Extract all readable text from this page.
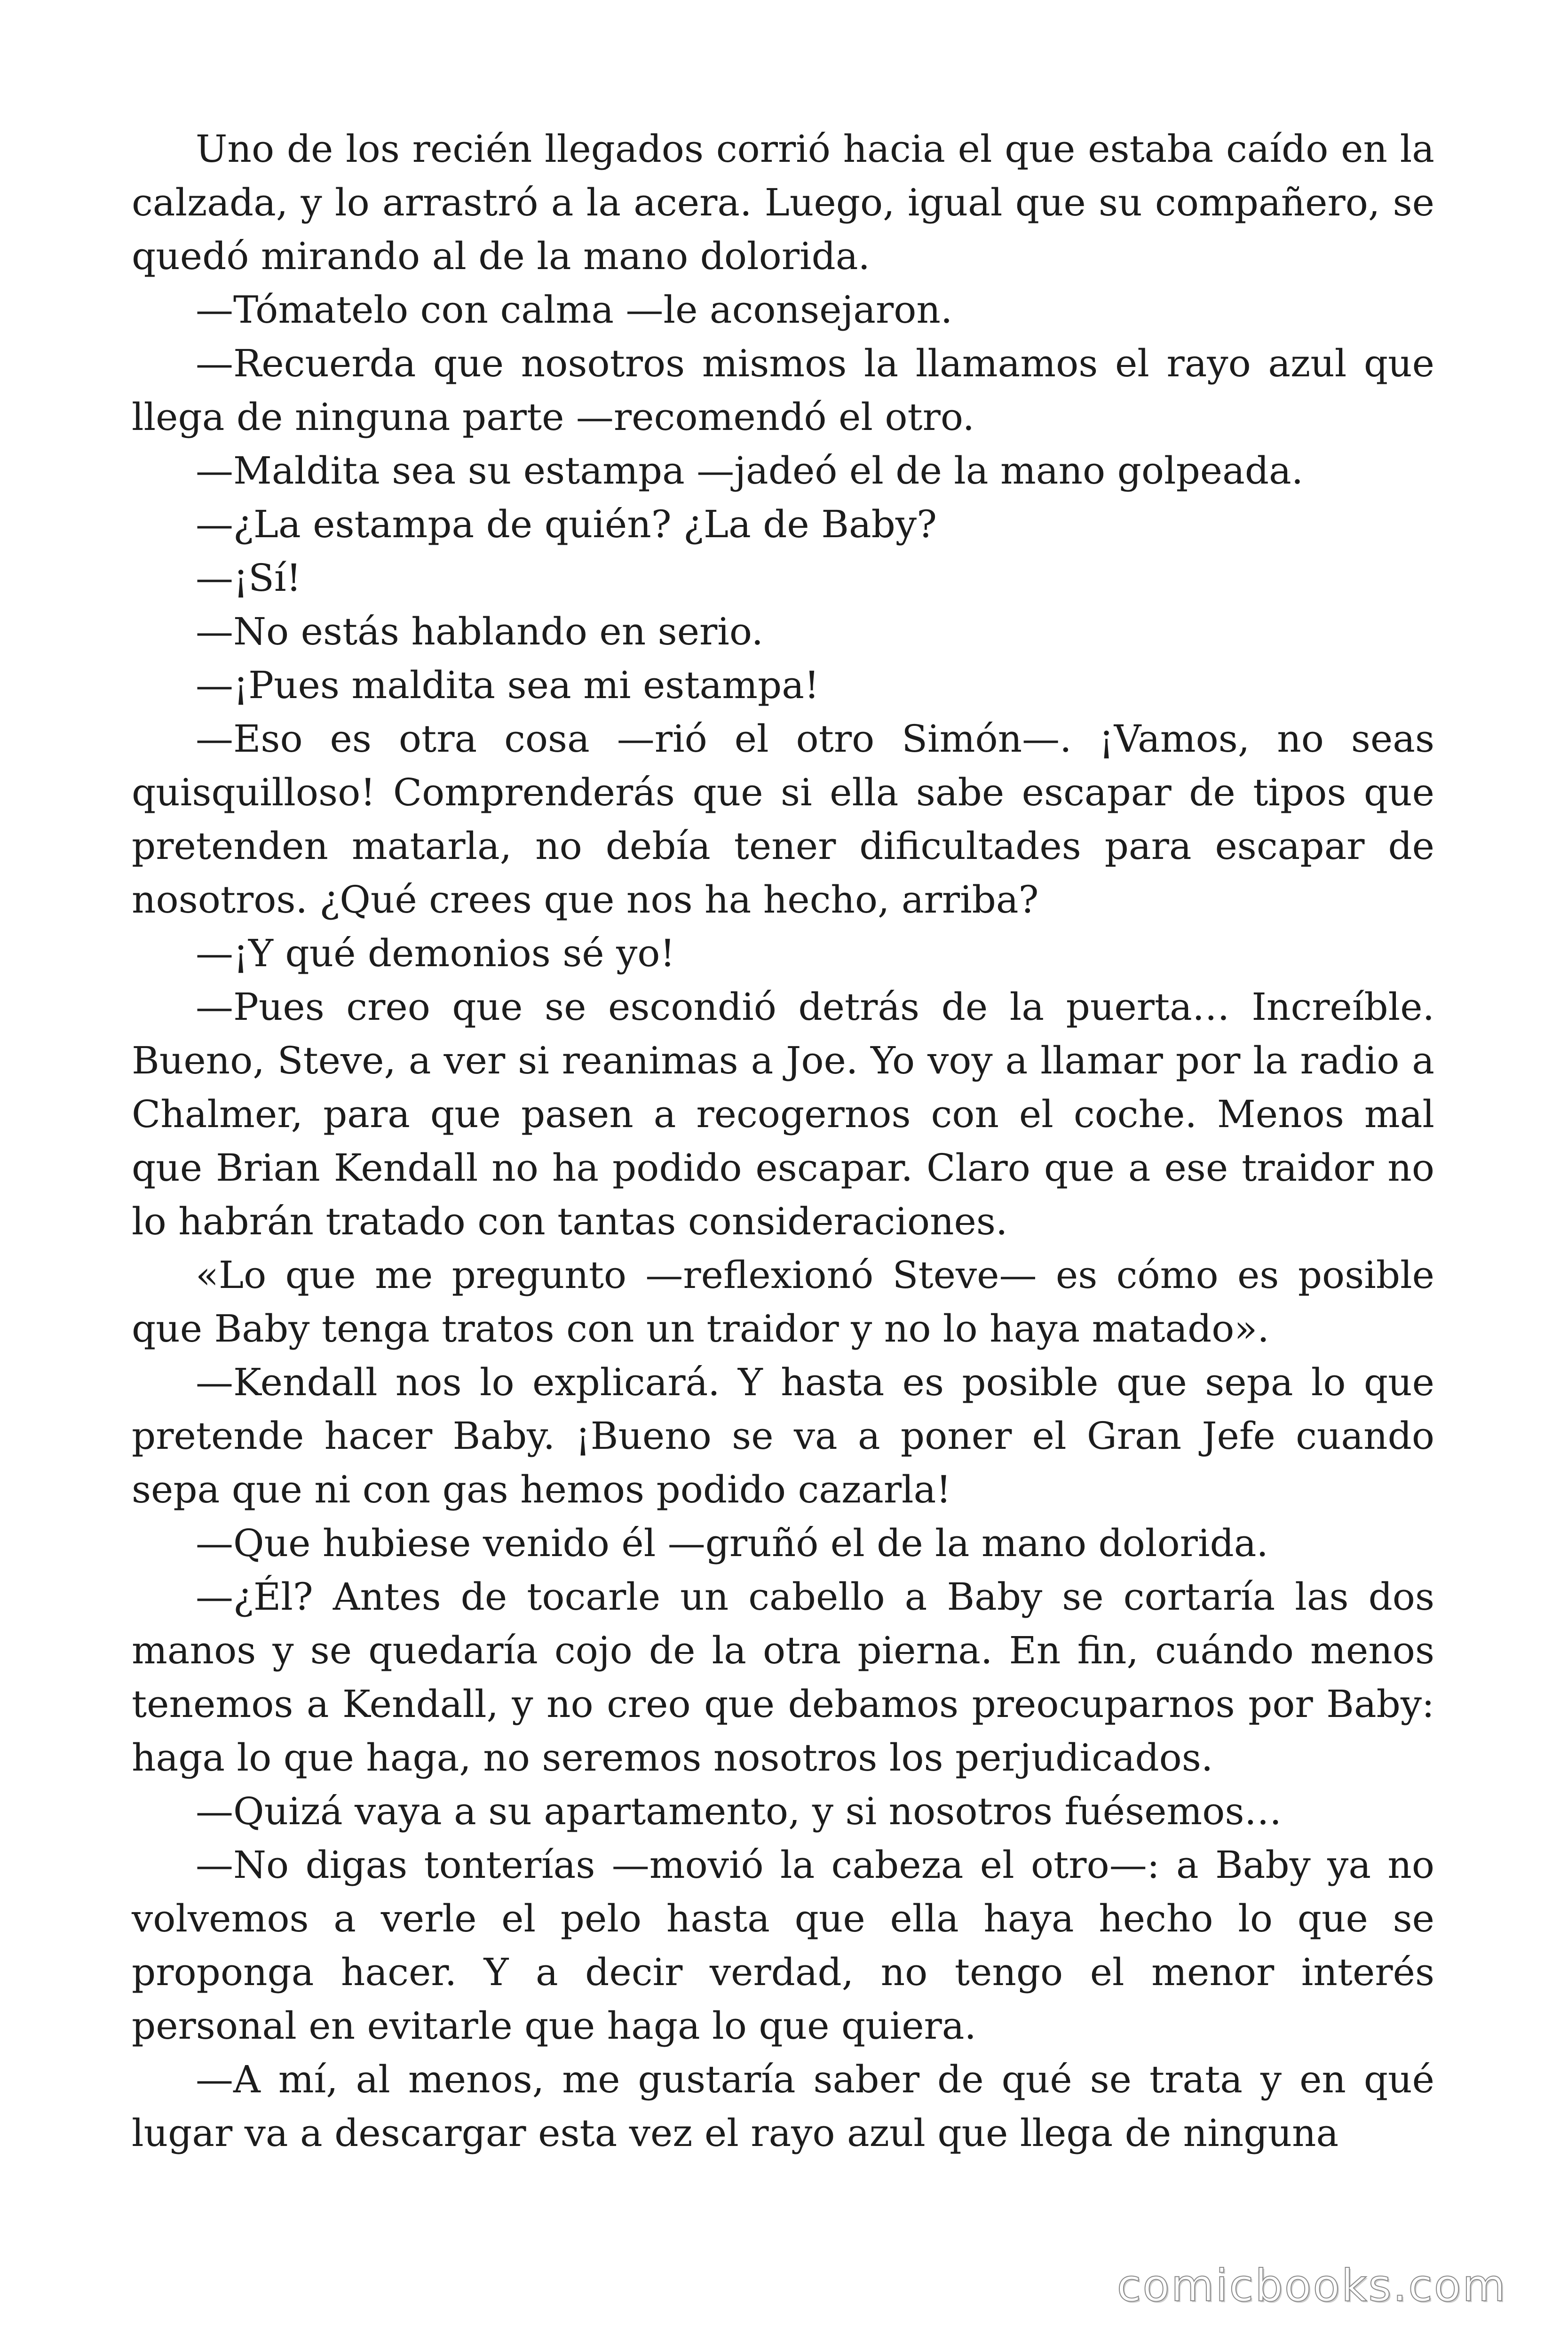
Uno de los recién llegados corrió hacia el que estaba caído en la calzada, y lo arrastró a la acera. Luego, igual que su compañero, se quedó mirando al de la mano dolorida.

—Tómatelo con calma —le aconsejaron.

—Recuerda que nosotros mismos la llamamos el rayo azul que llega de ninguna parte —recomendó el otro.

—Maldita sea su estampa —jadeó el de la mano golpeada.

—¿La estampa de quién? ¿La de Baby?

—¡Sí!

—No estás hablando en serio.

—¡Pues maldita sea mi estampa!

—Eso es otra cosa —rió el otro Simón—. ¡Vamos, no seas quisquilloso! Comprenderás que si ella sabe escapar de tipos que pretenden matarla, no debía tener dificultades para escapar de nosotros. ¿Qué crees que nos ha hecho, arriba?

—¡Y qué demonios sé yo!

—Pues creo que se escondió detrás de la puerta… Increíble. Bueno, Steve, a ver si reanimas a Joe. Yo voy a llamar por la radio a Chalmer, para que pasen a recogernos con el coche. Menos mal que Brian Kendall no ha podido escapar. Claro que a ese traidor no lo habrán tratado con tantas consideraciones.

«Lo que me pregunto —reflexionó Steve— es cómo es posible que Baby tenga tratos con un traidor y no lo haya matado».

—Kendall nos lo explicará. Y hasta es posible que sepa lo que pretende hacer Baby. ¡Bueno se va a poner el Gran Jefe cuando sepa que ni con gas hemos podido cazarla!

—Que hubiese venido él —gruñó el de la mano dolorida.

—¿Él? Antes de tocarle un cabello a Baby se cortaría las dos manos y se quedaría cojo de la otra pierna. En fin, cuándo menos tenemos a Kendall, y no creo que debamos preocuparnos por Baby: haga lo que haga, no seremos nosotros los perjudicados.

—Quizá vaya a su apartamento, y si nosotros fuésemos…

—No digas tonterías —movió la cabeza el otro—: a Baby ya no volvemos a verle el pelo hasta que ella haya hecho lo que se proponga hacer. Y a decir verdad, no tengo el menor interés personal en evitarle que haga lo que quiera.

—A mí, al menos, me gustaría saber de qué se trata y en qué lugar va a descargar esta vez el rayo azul que llega de ninguna

comicbooks.com
